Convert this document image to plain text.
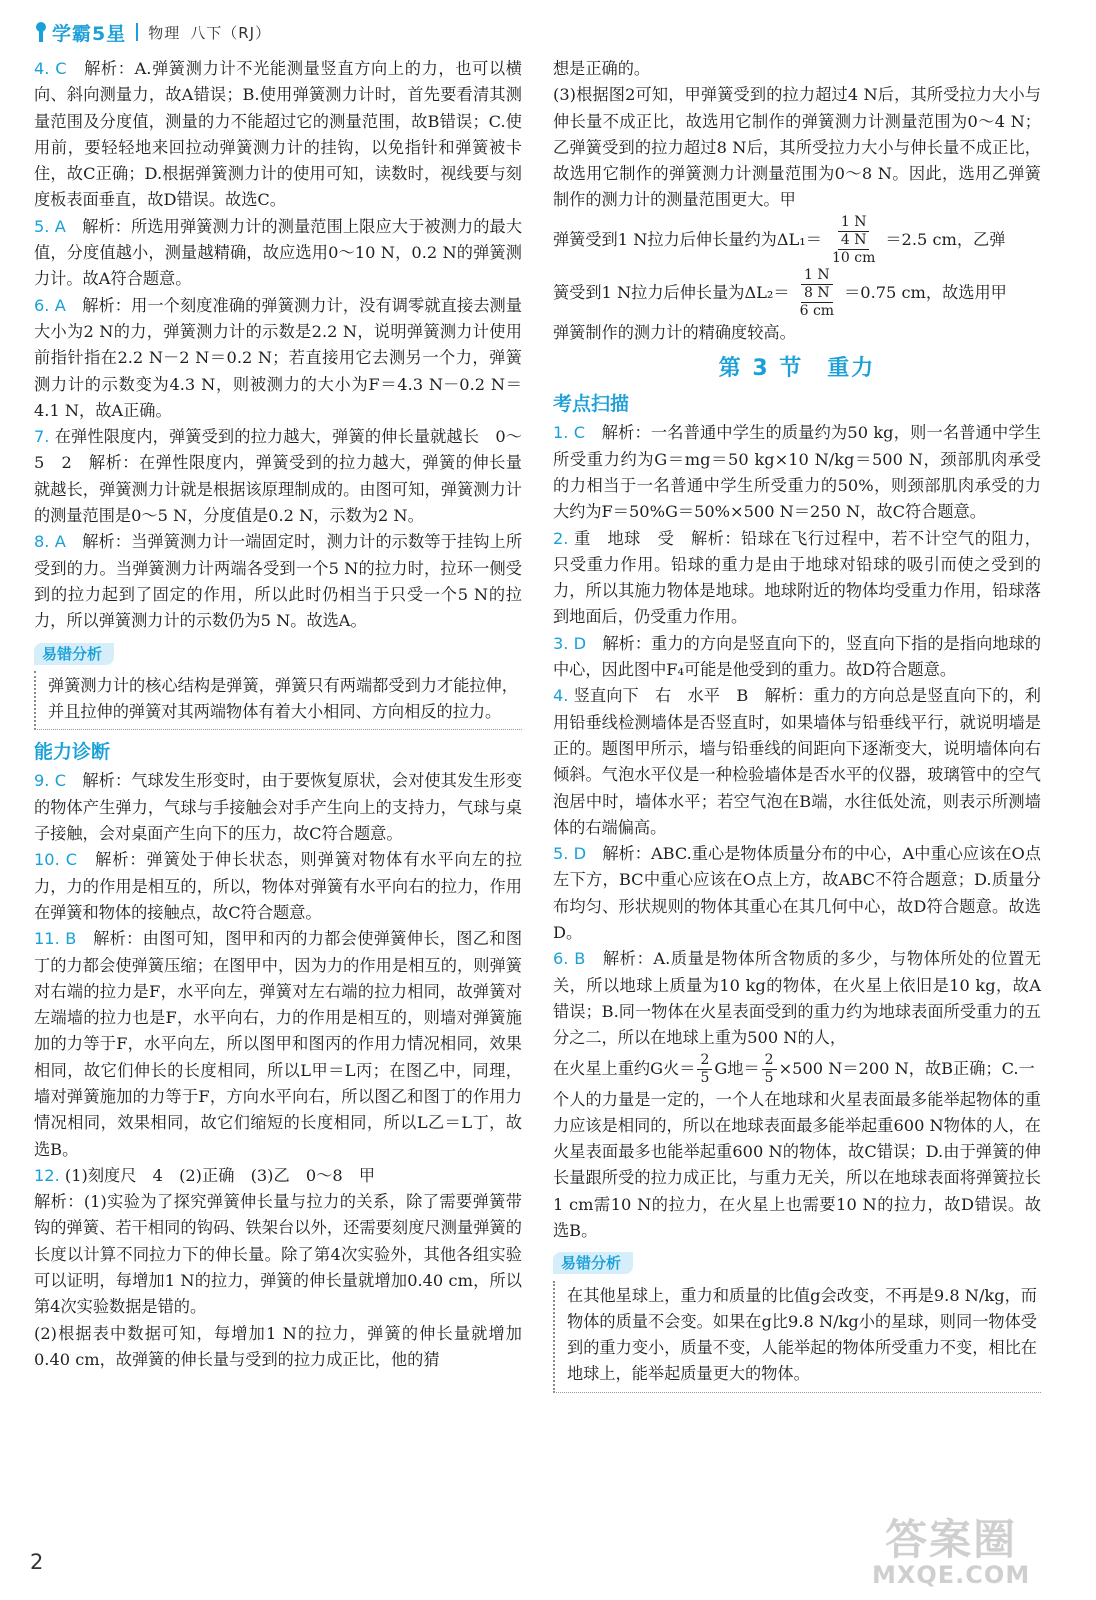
学霸5星 物理 八下（RJ）

4. C　 解析：A.弹簧测力计不光能测量竖直方向上的力，也可以横向、斜向测量力，故A错误；B.使用弹簧测力计时，首先要看清其测量范围及分度值，测量的力不能超过它的测量范围，故B错误；C.使用前，要轻轻地来回拉动弹簧测力计的挂钩，以免指针和弹簧被卡住，故C正确；D.根据弹簧测力计的使用可知，读数时，视线要与刻度板表面垂直，故D错误。故选C。

5. A　 解析：所选用弹簧测力计的测量范围上限应大于被测力的最大值，分度值越小，测量越精确，故应选用0～10 N，0.2 N的弹簧测力计。故A符合题意。

6. A　 解析：用一个刻度准确的弹簧测力计，没有调零就直接去测量大小为2 N的力，弹簧测力计的示数是2.2 N，说明弹簧测力计使用前指针指在2.2 N－2 N＝0.2 N；若直接用它去测另一个力，弹簧测力计的示数变为4.3 N，则被测力的大小为F＝4.3 N－0.2 N＝4.1 N，故A正确。

7. 在弹性限度内，弹簧受到的拉力越大，弹簧的伸长量就越长　0～5　2　解析：在弹性限度内，弹簧受到的拉力越大，弹簧的伸长量就越长，弹簧测力计就是根据该原理制成的。由图可知，弹簧测力计的测量范围是0～5 N，分度值是0.2 N，示数为2 N。

8. A　 解析：当弹簧测力计一端固定时，测力计的示数等于挂钩上所受到的力。当弹簧测力计两端各受到一个5 N的拉力时，拉环一侧受到的拉力起到了固定的作用，所以此时仍相当于只受一个5 N的拉力，所以弹簧测力计的示数仍为5 N。故选A。

易错分析
弹簧测力计的核心结构是弹簧，弹簧只有两端都受到力才能拉伸，并且拉伸的弹簧对其两端物体有着大小相同、方向相反的拉力。
能力诊断

9. C　 解析：气球发生形变时，由于要恢复原状，会对使其发生形变的物体产生弹力，气球与手接触会对手产生向上的支持力，气球与桌子接触，会对桌面产生向下的压力，故C符合题意。

10. C　 解析：弹簧处于伸长状态，则弹簧对物体有水平向左的拉力，力的作用是相互的，所以，物体对弹簧有水平向右的拉力，作用在弹簧和物体的接触点，故C符合题意。

11. B　 解析：由图可知，图甲和丙的力都会使弹簧伸长，图乙和图丁的力都会使弹簧压缩；在图甲中，因为力的作用是相互的，则弹簧对右端的拉力是F，水平向左，弹簧对左右端的拉力相同，故弹簧对左端墙的拉力也是F，水平向右，力的作用是相互的，则墙对弹簧施加的力等于F，水平向左，所以图甲和图丙的作用力情况相同，效果相同，故它们伸长的长度相同，所以L甲＝L丙；在图乙中，同理，墙对弹簧施加的力等于F，方向水平向右，所以图乙和图丁的作用力情况相同，效果相同，故它们缩短的长度相同，所以L乙＝L丁，故选B。

12. (1)刻度尺　4　(2)正确　(3)乙　0～8　甲

解析：(1)实验为了探究弹簧伸长量与拉力的关系，除了需要弹簧带钩的弹簧、若干相同的钩码、铁架台以外，还需要刻度尺测量弹簧的长度以计算不同拉力下的伸长量。除了第4次实验外，其他各组实验可以证明，每增加1 N的拉力，弹簧的伸长量就增加0.40 cm，所以第4次实验数据是错的。

(2)根据表中数据可知，每增加1 N的拉力，弹簧的伸长量就增加0.40 cm，故弹簧的伸长量与受到的拉力成正比，他的猜

想是正确的。

(3)根据图2可知，甲弹簧受到的拉力超过4 N后，其所受拉力大小与伸长量不成正比，故选用它制作的弹簧测力计测量范围为0～4 N；乙弹簧受到的拉力超过8 N后，其所受拉力大小与伸长量不成正比，故选用它制作的弹簧测力计测量范围为0～8 N。因此，选用乙弹簧制作的测力计的测量范围更大。甲

弹簧受到1 N拉力后伸长量约为$\Delta L_1= \frac{1 N}{\frac{4 N}{10 cm}} =2.5$ cm，乙弹

簧受到1 N拉力后伸长量为$\Delta L_2= \frac{1 N}{\frac{8 N}{6 cm}} =0.75$ cm，故选用甲

弹簧制作的测力计的精确度较高。

第 3 节　重力
考点扫描

1. C　 解析：一名普通中学生的质量约为50 kg，则一名普通中学生所受重力约为G＝mg＝50 kg×10 N/kg＝500 N，颈部肌肉承受的力相当于一名普通中学生所受重力的50%，则颈部肌肉承受的力大约为F＝50%G＝50%×500 N＝250 N，故C符合题意。

2. 重　地球　受　解析：铅球在飞行过程中，若不计空气的阻力，只受重力作用。铅球的重力是由于地球对铅球的吸引而使之受到的力，所以其施力物体是地球。地球附近的物体均受重力作用，铅球落到地面后，仍受重力作用。

3. D　 解析：重力的方向是竖直向下的，竖直向下指的是指向地球的中心，因此图中F₄可能是他受到的重力。故D符合题意。

4. 竖直向下　右　水平　B　解析：重力的方向总是竖直向下的，利用铅垂线检测墙体是否竖直时，如果墙体与铅垂线平行，就说明墙是正的。题图甲所示，墙与铅垂线的间距向下逐渐变大，说明墙体向右倾斜。气泡水平仪是一种检验墙体是否水平的仪器，玻璃管中的空气泡居中时，墙体水平；若空气泡在B端，水往低处流，则表示所测墙体的右端偏高。

5. D　 解析：ABC.重心是物体质量分布的中心，A中重心应该在O点左下方，BC中重心应该在O点上方，故ABC不符合题意；D.质量分布均匀、形状规则的物体其重心在其几何中心，故D符合题意。故选D。

6. B　 解析：A.质量是物体所含物质的多少，与物体所处的位置无关，所以地球上质量为10 kg的物体，在火星上依旧是10 kg，故A错误；B.同一物体在火星表面受到的重力约为地球表面所受重力的五分之二，所以在地球上重为500 N的人，

在火星上重约G火＝ $\frac{2}{5}$ G地＝ $\frac{2}{5} \times 500$ N＝200 N，故B正确；C.一

个人的力量是一定的，一个人在地球和火星表面最多能举起物体的重力应该是相同的，所以在地球表面最多能举起重600 N物体的人，在火星表面最多也能举起重600 N的物体，故C错误；D.由于弹簧的伸长量跟所受的拉力成正比，与重力无关，所以在地球表面将弹簧拉长1 cm需10 N的拉力，在火星上也需要10 N的拉力，故D错误。故选B。

易错分析
在其他星球上，重力和质量的比值g会改变，不再是9.8 N/kg，而物体的质量不会变。如果在g比9.8 N/kg小的星球，则同一物体受到的重力变小，质量不变，人能举起的物体所受重力不变，相比在地球上，能举起质量更大的物体。
2	答案圈
MXQE.COM
